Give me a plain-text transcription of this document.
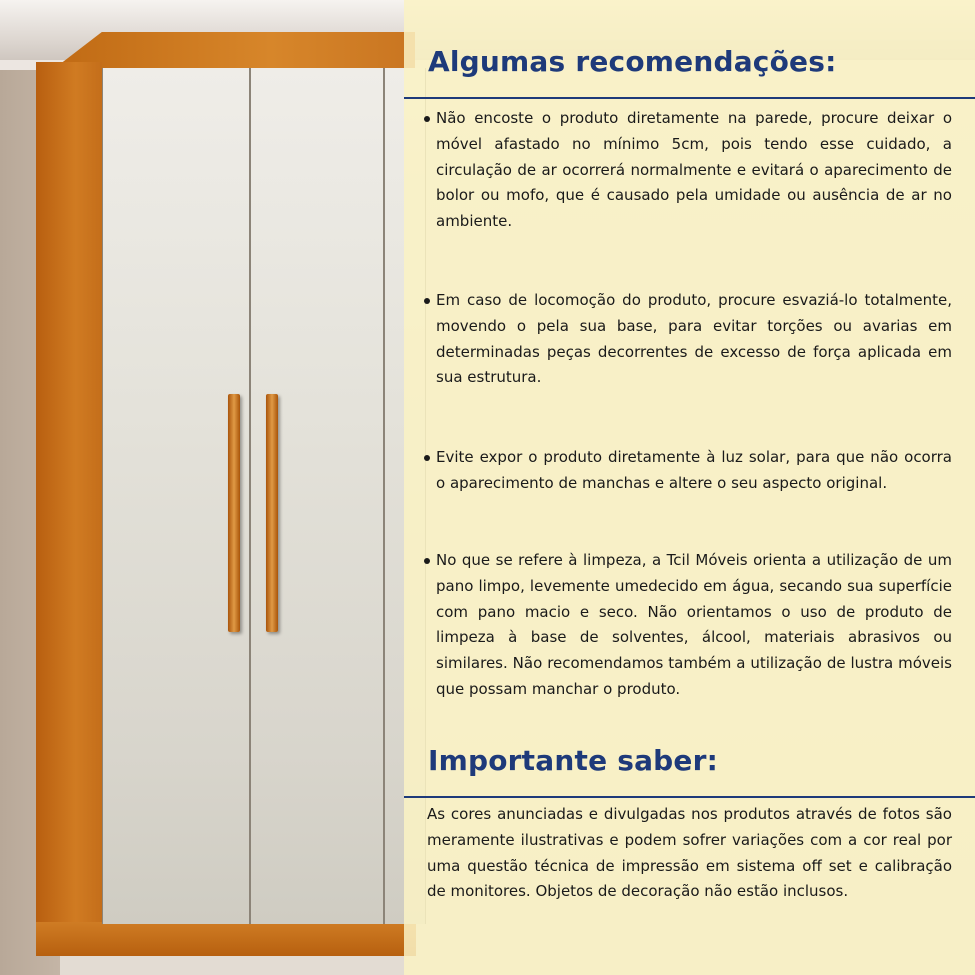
Algumas recomendações:

Não encoste o produto diretamente na parede, procure deixar o móvel afastado no mínimo 5cm, pois tendo esse cuidado, a circulação de ar ocorrerá normalmente e evitará o aparecimento de bolor ou mofo, que é causado pela umidade ou ausência de ar no ambiente.

Em caso de locomoção do produto, procure esvaziá-lo totalmente, movendo o pela sua base, para evitar torções ou avarias em determinadas peças decorrentes de excesso de força aplicada em sua estrutura.

Evite expor o produto diretamente à luz solar, para que não ocorra o aparecimento de manchas e altere o seu aspecto original.

No que se refere à limpeza, a Tcil Móveis orienta a utilização de um pano limpo, levemente umedecido em água, secando sua superfície com pano macio e seco. Não orientamos o uso de produto de limpeza à base de solventes, álcool, materiais abrasivos ou similares. Não recomendamos também a utilização de lustra móveis que possam manchar o produto.

Importante saber:

As cores anunciadas e divulgadas nos produtos através de fotos são meramente ilustrativas e podem sofrer variações com a cor real por uma questão técnica de impressão em sistema off set e calibração de monitores. Objetos de decoração não estão inclusos.
